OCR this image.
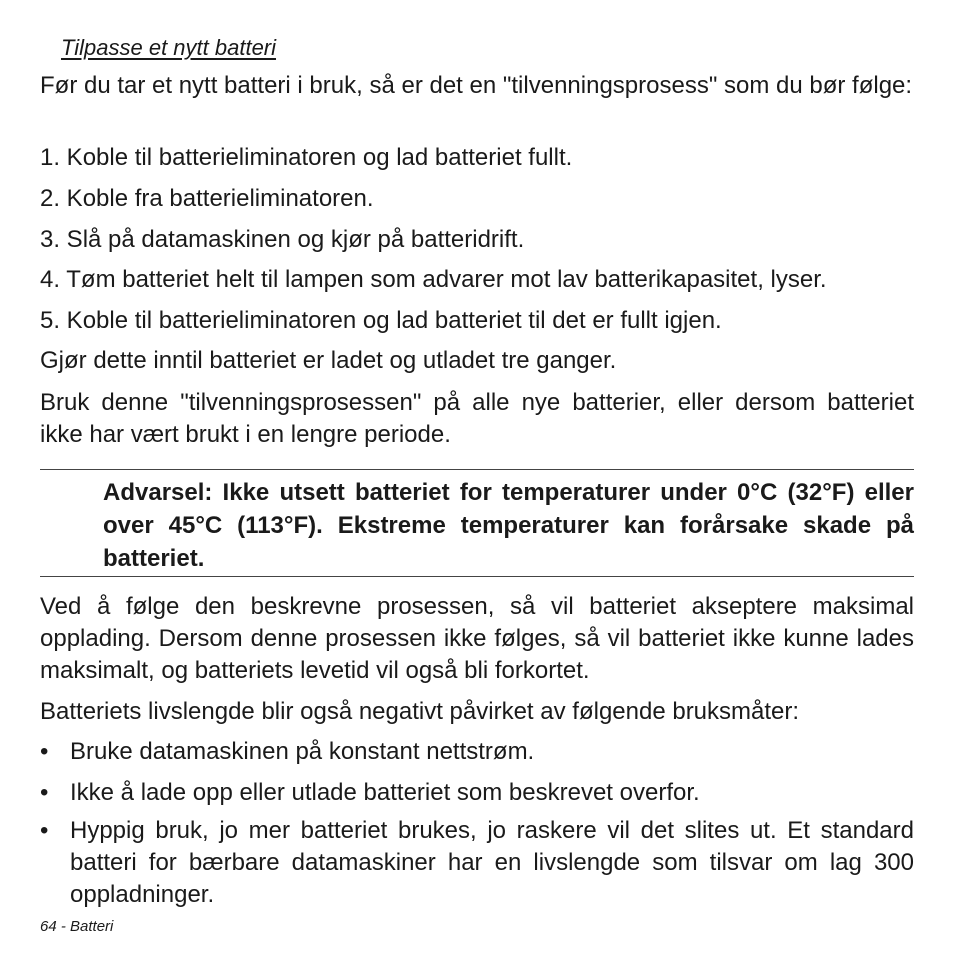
Tilpasse et nytt batteri

Før du tar et nytt batteri i bruk, så er det en "tilvenningsprosess" som du bør følge:

1. Koble til batterieliminatoren og lad batteriet fullt.

2. Koble fra batterieliminatoren.

3. Slå på datamaskinen og kjør på batteridrift.

4. Tøm batteriet helt til lampen som advarer mot lav batterikapasitet, lyser.

5. Koble til batterieliminatoren og lad batteriet til det er fullt igjen.

Gjør dette inntil batteriet er ladet og utladet tre ganger.

Bruk denne "tilvenningsprosessen" på alle nye batterier, eller dersom batteriet ikke har vært brukt i en lengre periode.

Advarsel: Ikke utsett batteriet for temperaturer under 0°C (32°F) eller over 45°C (113°F). Ekstreme temperaturer kan forårsake skade på batteriet.

Ved å følge den beskrevne prosessen, så vil batteriet akseptere maksimal opplading. Dersom denne prosessen ikke følges, så vil batteriet ikke kunne lades maksimalt, og batteriets levetid vil også bli forkortet.

Batteriets livslengde blir også negativt påvirket av følgende bruksmåter:

• Bruke datamaskinen på konstant nettstrøm.
• Ikke å lade opp eller utlade batteriet som beskrevet overfor.
• Hyppig bruk, jo mer batteriet brukes, jo raskere vil det slites ut. Et standard batteri for bærbare datamaskiner har en livslengde som tilsvar om lag 300 oppladninger.
64 - Batteri
